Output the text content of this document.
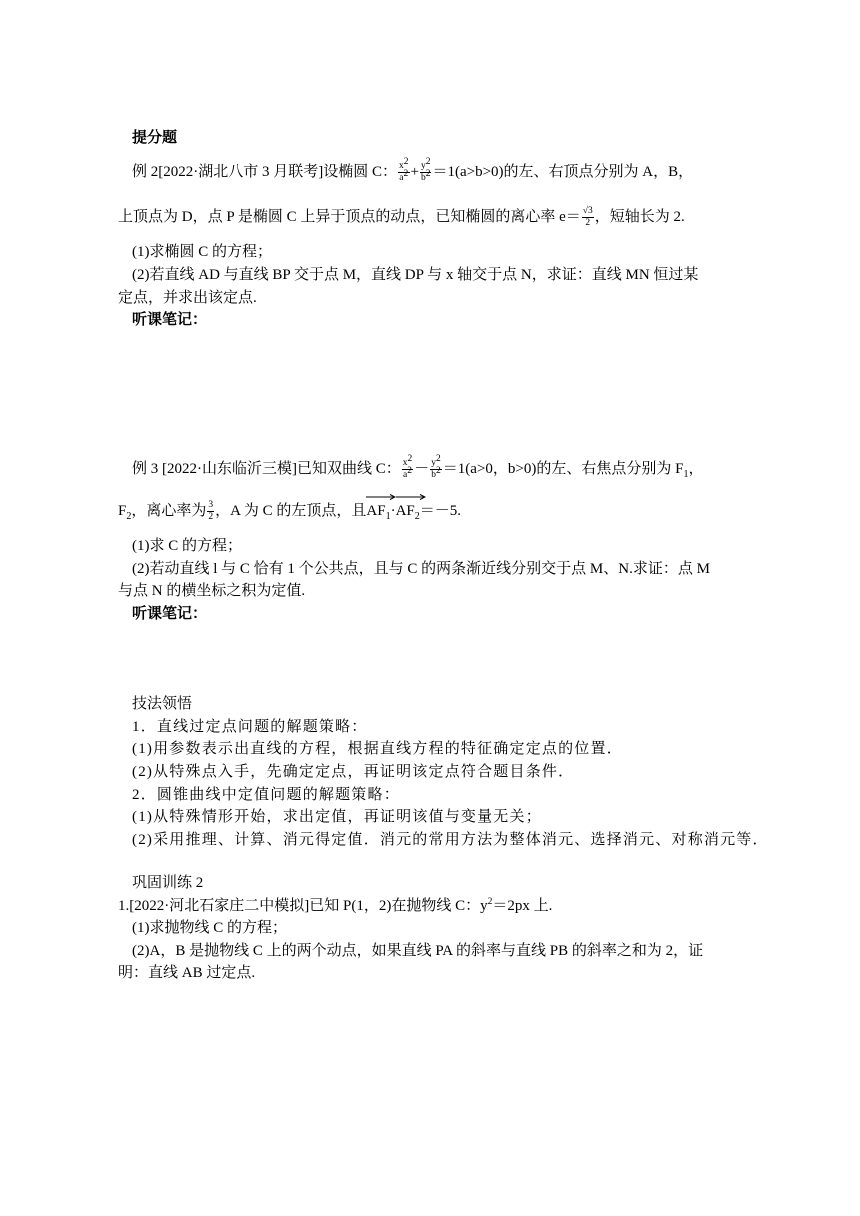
提分题
例 2[2022·湖北八市 3 月联考]设椭圆 C： $\frac{x2}{a2} + \frac{y2}{b2} =1(a>b>0)$的左、右顶点分别为 A，B，
上顶点为 D，点 P 是椭圆 C 上异于顶点的动点，已知椭圆的离心率 $e= \frac{√3}{2}$ ，短轴长为 2.
(1)求椭圆 C 的方程；
(2)若直线 AD 与直线 BP 交于点 M，直线 DP 与 x 轴交于点 N，求证：直线 MN 恒过某
定点，并求出该定点.
听课笔记：
例 3 [2022·山东临沂三模]已知双曲线 C： $\frac{x2}{a2} - \frac{y2}{b2} =1(a>0$，b>0)的左、右焦点分别为 $F_1$，
$F_2$，离心率为 $\frac{3}{2}$ ，A 为 C 的左顶点，且
$AF_1\cdot$
$AF_2=-5$.
(1)求 C 的方程；
(2)若动直线 l 与 C 恰有 1 个公共点，且与 C 的两条渐近线分别交于点 M、N.求证：点 M
与点 N 的横坐标之积为定值.
听课笔记：
技法领悟
1．直线过定点问题的解题策略：
(1)用参数表示出直线的方程，根据直线方程的特征确定定点的位置．
(2)从特殊点入手，先确定定点，再证明该定点符合题目条件．
2．圆锥曲线中定值问题的解题策略：
(1)从特殊情形开始，求出定值，再证明该值与变量无关；
(2)采用推理、计算、消元得定值．消元的常用方法为整体消元、选择消元、对称消元等．
巩固训练 2
1.[2022·河北石家庄二中模拟]已知 P(1，2)在抛物线 C：$y^2=2px$ 上.
(1)求抛物线 C 的方程；
(2)A，B 是抛物线 C 上的两个动点，如果直线 PA 的斜率与直线 PB 的斜率之和为 2，证
明：直线 AB 过定点.
